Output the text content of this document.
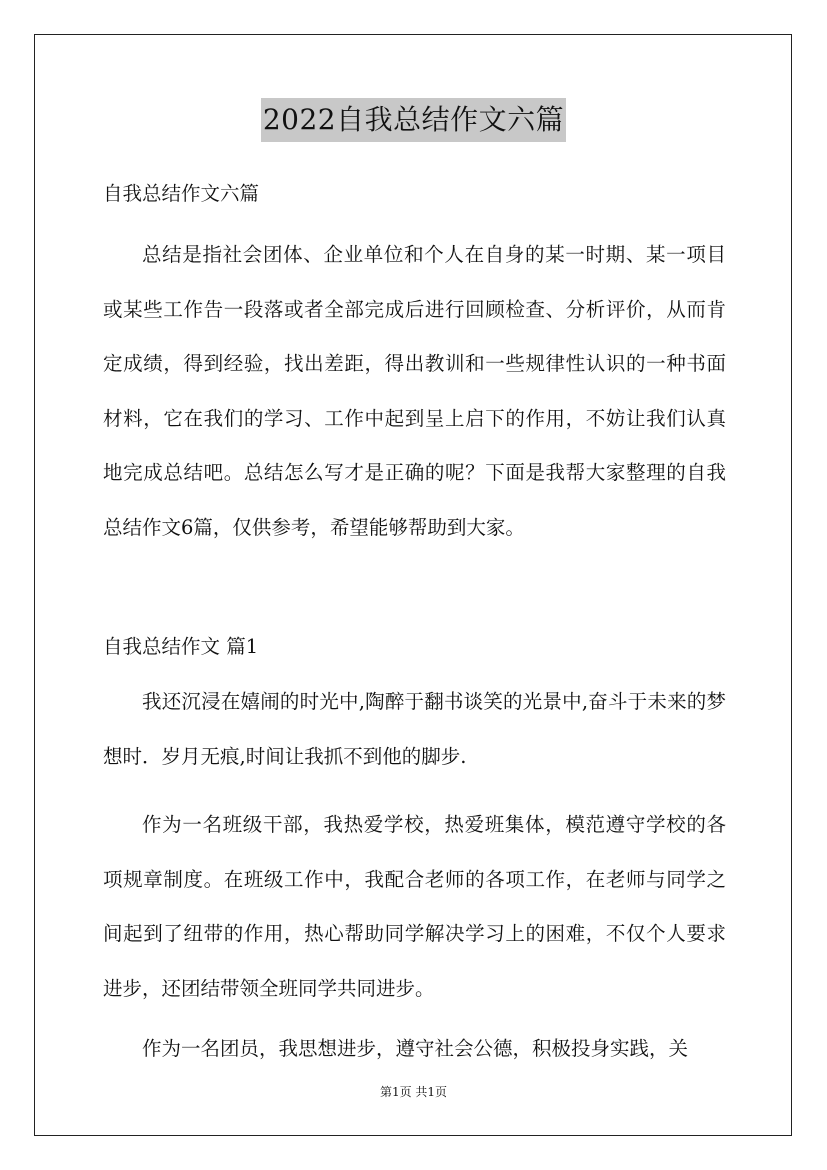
2022自我总结作文六篇

自我总结作文六篇

总结是指社会团体、企业单位和个人在自身的某一时期、某一项目或某些工作告一段落或者全部完成后进行回顾检查、分析评价，从而肯定成绩，得到经验，找出差距，得出教训和一些规律性认识的一种书面材料，它在我们的学习、工作中起到呈上启下的作用，不妨让我们认真地完成总结吧。总结怎么写才是正确的呢？下面是我帮大家整理的自我总结作文6篇，仅供参考，希望能够帮助到大家。

自我总结作文 篇1

我还沉浸在嬉闹的时光中,陶醉于翻书谈笑的光景中,奋斗于未来的梦想时．岁月无痕,时间让我抓不到他的脚步.

作为一名班级干部，我热爱学校，热爱班集体，模范遵守学校的各项规章制度。在班级工作中，我配合老师的各项工作，在老师与同学之间起到了纽带的作用，热心帮助同学解决学习上的困难，不仅个人要求进步，还团结带领全班同学共同进步。

作为一名团员，我思想进步，遵守社会公德，积极投身实践，关

第1页 共1页
